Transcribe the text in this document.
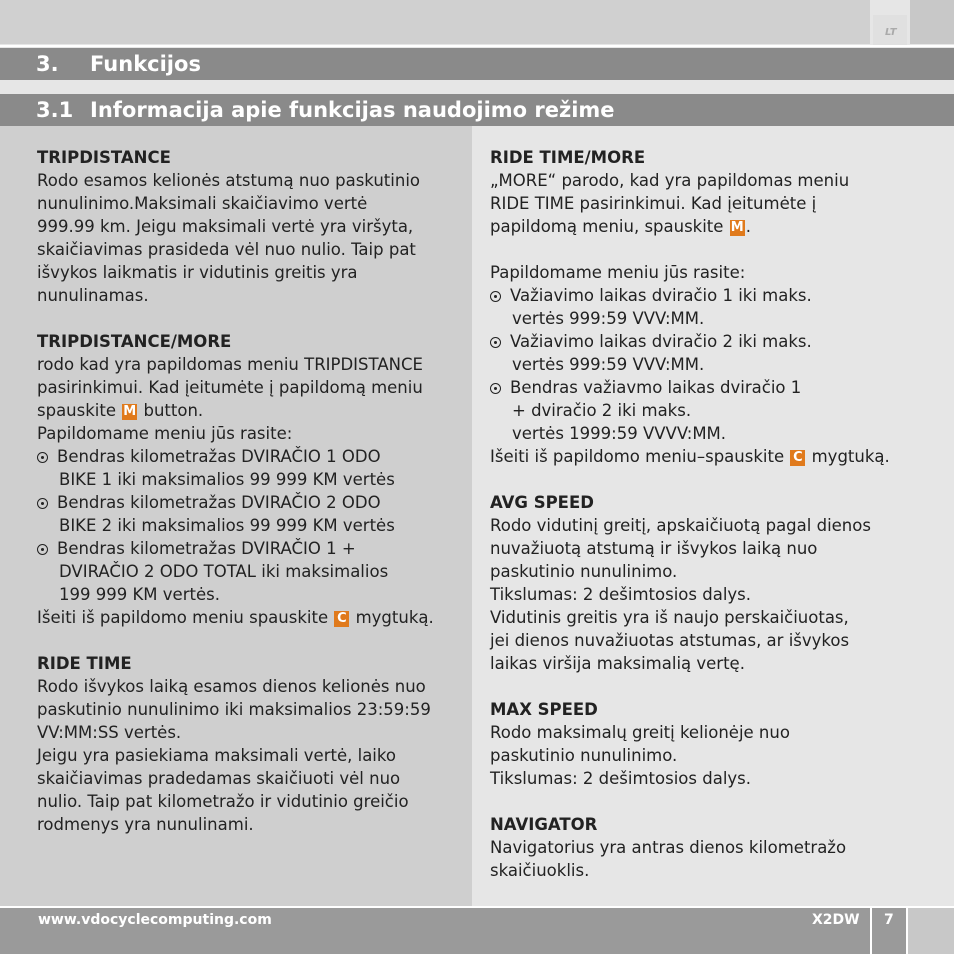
LT
3. Funkcijos
3.1 Informacija apie funkcijas naudojimo režime
TRIPDISTANCE
Rodo esamos kelionės atstumą nuo paskutinio
nunulinimo.Maksimali skaičiavimo vertė
999.99 km. Jeigu maksimali vertė yra viršyta,
skaičiavimas prasideda vėl nuo nulio. Taip pat
išvykos laikmatis ir vidutinis greitis yra
nunulinamas.
TRIPDISTANCE/MORE
rodo kad yra papildomas meniu TRIPDISTANCE
pasirinkimui. Kad įeitumėte į papildomą meniu
spauskite M button.
Papildomame meniu jūs rasite:
Bendras kilometražas DVIRAČIO 1 ODO
BIKE 1 iki maksimalios 99 999 KM vertės
Bendras kilometražas DVIRAČIO 2 ODO
BIKE 2 iki maksimalios 99 999 KM vertės
Bendras kilometražas DVIRAČIO 1 +
DVIRAČIO 2 ODO TOTAL iki maksimalios
199 999 KM vertės.
Išeiti iš papildomo meniu spauskite C mygtuką.
RIDE TIME
Rodo išvykos laiką esamos dienos kelionės nuo
paskutinio nunulinimo iki maksimalios 23:59:59
VV:MM:SS vertės.
Jeigu yra pasiekiama maksimali vertė, laiko
skaičiavimas pradedamas skaičiuoti vėl nuo
nulio. Taip pat kilometražo ir vidutinio greičio
rodmenys yra nunulinami.
RIDE TIME/MORE
„MORE“ parodo, kad yra papildomas meniu
RIDE TIME pasirinkimui. Kad įeitumėte į
papildomą meniu, spauskite M .
Papildomame meniu jūs rasite:
Važiavimo laikas dviračio 1 iki maks.
vertės 999:59 VVV:MM.
Važiavimo laikas dviračio 2 iki maks.
vertės 999:59 VVV:MM.
Bendras važiavmo laikas dviračio 1
+ dviračio 2 iki maks.
vertės 1999:59 VVVV:MM.
Išeiti iš papildomo meniu–spauskite C mygtuką.
AVG SPEED
Rodo vidutinį greitį, apskaičiuotą pagal dienos
nuvažiuotą atstumą ir išvykos laiką nuo
paskutinio nunulinimo.
Tikslumas: 2 dešimtosios dalys.
Vidutinis greitis yra iš naujo perskaičiuotas,
jei dienos nuvažiuotas atstumas, ar išvykos
laikas viršija maksimalią vertę.
MAX SPEED
Rodo maksimalų greitį kelionėje nuo
paskutinio nunulinimo.
Tikslumas: 2 dešimtosios dalys.
NAVIGATOR
Navigatorius yra antras dienos kilometražo
skaičiuoklis.
www.vdocyclecomputing.com	X2DW 7
